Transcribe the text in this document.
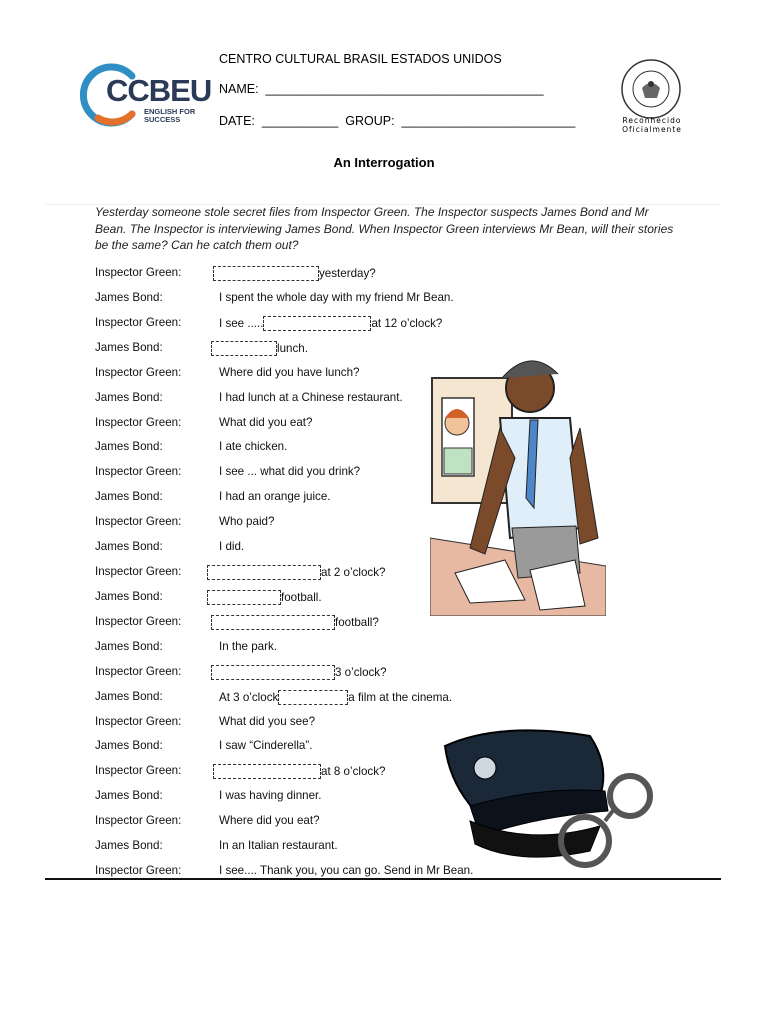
CCBEU
ENGLISH FOR
SUCCESS
CENTRO CULTURAL BRASIL ESTADOS UNIDOS
NAME:  ________________________________________
DATE:  ___________  GROUP:  _________________________	Reconhecido
Oficialmente
An Interrogation
Yesterday someone stole secret files from Inspector Green. The Inspector suspects James Bond and Mr Bean. The Inspector is interviewing James Bond. When Inspector Green interviews Mr Bean, will their stories be the same? Can he catch them out?
Inspector Green:	yesterday?
James Bond:	I spent the whole day with my friend Mr Bean.
Inspector Green:	I see .....	at 12 o’clock?
James Bond:	lunch.
Inspector Green:	Where did you have lunch?
James Bond:	I had lunch at a Chinese restaurant.
Inspector Green:	What did you eat?
James Bond:	I ate chicken.
Inspector Green:	I see ... what did you drink?
James Bond:	I had an orange juice.
Inspector Green:	Who paid?
James Bond:	I did.
Inspector Green:	at 2 o’clock?
James Bond:	football.
Inspector Green:	football?
James Bond:	In the park.
Inspector Green:	3 o’clock?
James Bond:	At 3 o’clock	a film at the cinema.
Inspector Green:	What did you see?
James Bond:	I saw “Cinderella”.
Inspector Green:	at 8 o’clock?
James Bond:	I was having dinner.
Inspector Green:	Where did you eat?
James Bond:	In an Italian restaurant.
Inspector Green:	I see.... Thank you, you can go. Send in Mr Bean.
